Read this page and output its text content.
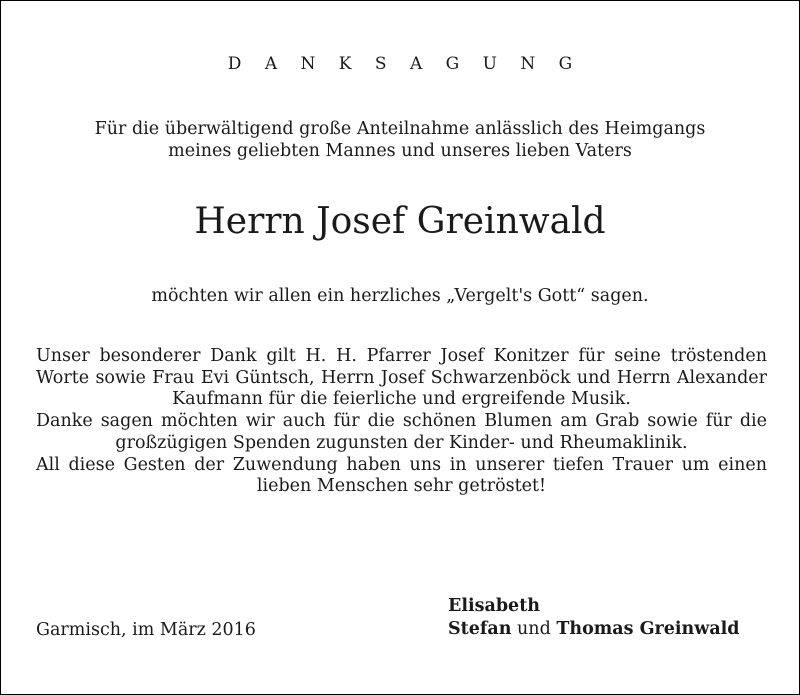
D A N K S A G U N G
Für die überwältigend große Anteilnahme anlässlich des Heimgangs
meines geliebten Mannes und unseres lieben Vaters
Herrn Josef Greinwald
möchten wir allen ein herzliches „Vergelt's Gott“ sagen.

Unser besonderer Dank gilt H. H. Pfarrer Josef Konitzer für seine tröstenden Worte sowie Frau Evi Güntsch, Herrn Josef Schwarzenböck und Herrn Alexander Kaufmann für die feierliche und ergreifende Musik.

Danke sagen möchten wir auch für die schönen Blumen am Grab sowie für die großzügigen Spenden zugunsten der Kinder- und Rheumaklinik.

All diese Gesten der Zuwendung haben uns in unserer tiefen Trauer um einen lieben Menschen sehr getröstet!

Garmisch, im März 2016
Elisabeth
Stefan und Thomas Greinwald
